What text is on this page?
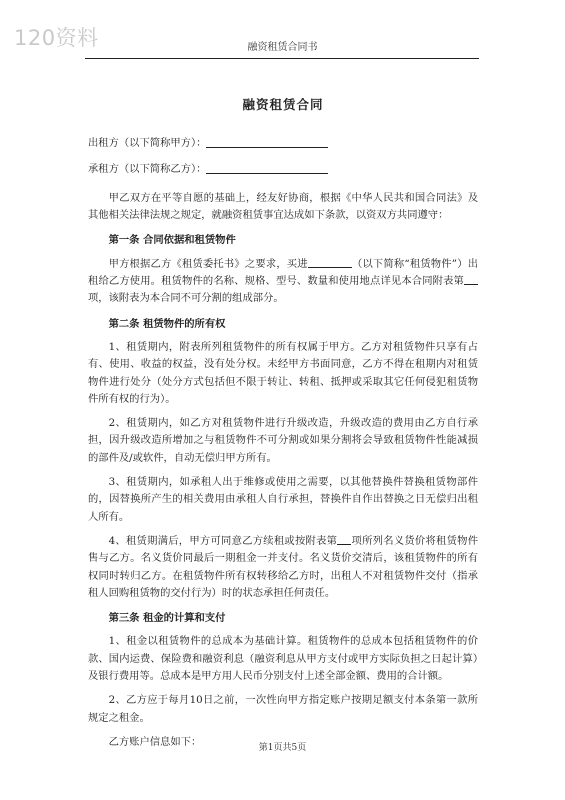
120资料	融资租赁合同书
融资租赁合同
出租方（以下简称甲方）：
承租方（以下简称乙方）：

甲乙双方在平等自愿的基础上，经友好协商，根据《中华人民共和国合同法》及其他相关法律法规之规定，就融资租赁事宜达成如下条款，以资双方共同遵守：

第一条 合同依据和租赁物件

甲方根据乙方《租赁委托书》之要求，买进	（以下简称“租赁物件”）出租给乙方使用。租赁物件的名称、规格、型号、数量和使用地点详见本合同附表第项，该附表为本合同不可分割的组成部分。

第二条 租赁物件的所有权

1、租赁期内，附表所列租赁物件的所有权属于甲方。乙方对租赁物件只享有占有、使用、收益的权益，没有处分权。未经甲方书面同意，乙方不得在租期内对租赁物件进行处分（处分方式包括但不限于转让、转租、抵押或采取其它任何侵犯租赁物件所有权的行为）。

2、租赁期内，如乙方对租赁物件进行升级改造，升级改造的费用由乙方自行承担，因升级改造所增加之与租赁物件不可分割或如果分割将会导致租赁物件性能减损的部件及/或软件，自动无偿归甲方所有。

3、租赁期内，如承租人出于维修或使用之需要，以其他替换件替换租赁物部件的，因替换所产生的相关费用由承租人自行承担，替换件自作出替换之日无偿归出租人所有。

4、租赁期满后，甲方可同意乙方续租或按附表第 项所列名义货价将租赁物件售与乙方。名义货价同最后一期租金一并支付。名义货价交清后，该租赁物件的所有权同时转归乙方。在租赁物件所有权转移给乙方时，出租人不对租赁物件交付（指承租人回购租赁物的交付行为）时的状态承担任何责任。

第三条 租金的计算和支付

1、租金以租赁物件的总成本为基础计算。租赁物件的总成本包括租赁物件的价款、国内运费、保险费和融资利息（融资利息从甲方支付或甲方实际负担之日起计算）及银行费用等。总成本是甲方用人民币分别支付上述全部金额、费用的合计额。

2、乙方应于每月10日之前，一次性向甲方指定账户按期足额支付本条第一款所规定之租金。

乙方账户信息如下：

第1页共5页
